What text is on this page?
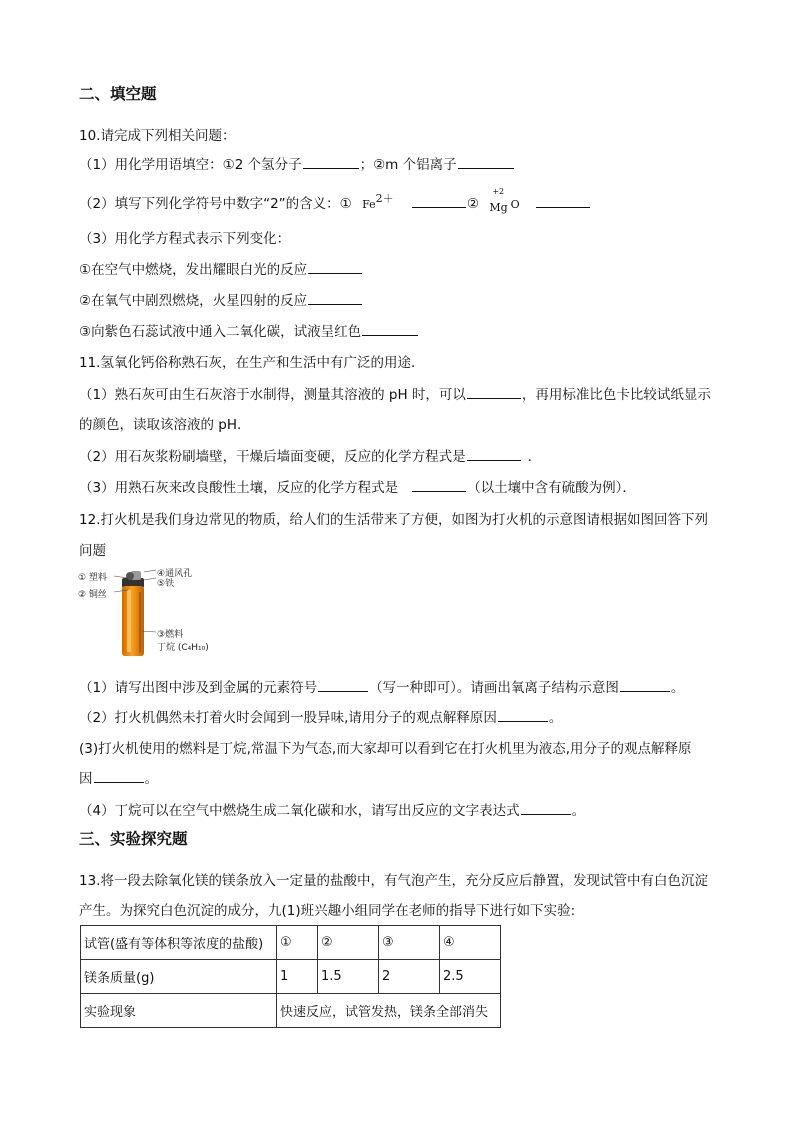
二、填空题
10.请完成下列相关问题：
（1）用化学用语填空：①2 个氢分子	；②m 个铝离子
（2）填写下列化学符号中数字“2”的含义：① $Fe^{2+}$	②
+2
$_{Mg}$ O
（3）用化学方程式表示下列变化：
①在空气中燃烧，发出耀眼白光的反应
②在氧气中剧烈燃烧，火星四射的反应
③向紫色石蕊试液中通入二氧化碳，试液呈红色
11.氢氧化钙俗称熟石灰，在生产和生活中有广泛的用途．
（1）熟石灰可由生石灰溶于水制得，测量其溶液的 pH 时，可以	，再用标准比色卡比较试纸显示
的颜色，读取该溶液的 pH．
（2）用石灰浆粉刷墙壁，干燥后墙面变硬，反应的化学方程式是	．
（3）用熟石灰来改良酸性土壤，反应的化学方程式是	（以土壤中含有硫酸为例）．
12.打火机是我们身边常见的物质，给人们的生活带来了方便，如图为打火机的示意图请根据如图回答下列
问题
① 塑料
② 铜丝
④通风孔
⑤铁
③燃料
丁烷 (C₄H₁₀)
（1）请写出图中涉及到金属的元素符号	（写一种即可）。请画出氧离子结构示意图	。
（2）打火机偶然未打着火时会闻到一股异味,请用分子的观点解释原因	。
(3)打火机使用的燃料是丁烷,常温下为气态,而大家却可以看到它在打火机里为液态,用分子的观点解释原
因	。
（4）丁烷可以在空气中燃烧生成二氧化碳和水，请写出反应的文字表达式	。
三、实验探究题
13.将一段去除氧化镁的镁条放入一定量的盐酸中，有气泡产生，充分反应后静置，发现试管中有白色沉淀
产生。为探究白色沉淀的成分，九(1)班兴趣小组同学在老师的指导下进行如下实验:
试管(盛有等体积等浓度的盐酸)	①	②	③	④
镁条质量(g)	1	1.5	2	2.5
实验现象	快速反应，试管发热，镁条全部消失			
